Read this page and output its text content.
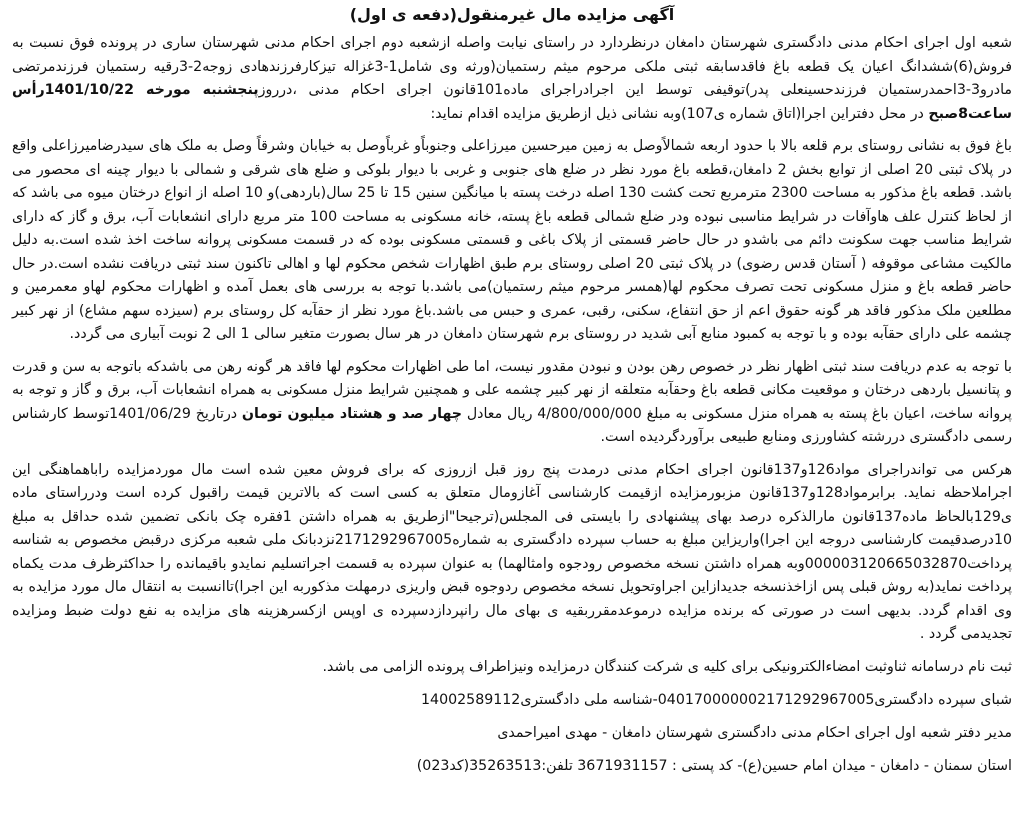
آگهی مزایده مال غیرمنقول(دفعه ی اول)

شعبه اول اجرای احکام مدنی دادگستری شهرستان دامغان درنظردارد در راستای نیابت واصله ازشعبه دوم اجرای احکام مدنی شهرستان ساری در پرونده فوق نسبت به فروش(6)ششدانگ اعیان یک قطعه باغ فاقدسابقه ثبتی ملکی مرحوم میثم رستمیان(ورثه وی شامل1-3غزاله تیزکارفرزندهادی زوجه2-3رقیه رستمیان فرزندمرتضی مادرو3-3احمدرستمیان فرزندحسینعلی پدر)توقیفی توسط این اجرادراجرای ماده101قانون اجرای احکام مدنی ،درروزپنجشنبه مورخه 1401/10/22رأس ساعت8صبح در محل دفتراین اجرا(اتاق شماره ی107)وبه نشانی ذیل ازطریق مزایده اقدام نماید:

باغ فوق به نشانی روستای برم قلعه بالا با حدود اربعه شمالاًوصل به زمین میرحسین میرزاعلی وجنوباًو غرباًوصل به خیابان وشرقاً وصل به ملک های سیدرضامیرزاعلی واقع در پلاک ثبتی 20 اصلی از توابع بخش 2 دامغان،قطعه باغ مورد نظر در ضلع های جنوبی و غربی با دیوار بلوکی و ضلع های شرقی و شمالی با دیوار چینه ای محصور می باشد. قطعه باغ مذکور به مساحت 2300 مترمربع تحت کشت 130 اصله درخت پسته با میانگین سنین 15 تا 25 سال(باردهی)و 10 اصله از انواع درختان میوه می باشد که از لحاظ کنترل علف هاوآفات در شرایط مناسبی نبوده ودر ضلع شمالی قطعه باغ پسته، خانه مسکونی به مساحت 100 متر مربع دارای انشعابات آب، برق و گاز که دارای شرایط مناسب جهت سکونت دائم می باشدو در حال حاضر قسمتی از پلاک باغی و قسمتی مسکونی بوده که در قسمت مسکونی پروانه ساخت اخذ شده است.به دلیل مالکیت مشاعی موقوفه ( آستان قدس رضوی) در پلاک ثبتی 20 اصلی روستای برم طبق اظهارات شخص محکوم لها و اهالی تاکنون سند ثبتی دریافت نشده است.در حال حاضر قطعه باغ و منزل مسکونی تحت تصرف محکوم لها(همسر مرحوم میثم رستمیان)می باشد.با توجه به بررسی های بعمل آمده و اظهارات محکوم لهاو معمرمین و مطلعین ملک مذکور فاقد هر گونه حقوق اعم از حق انتفاع، سکنی، رقبی، عمری و حبس می باشد.باغ مورد نظر از حقآبه کل روستای برم (سیزده سهم مشاع) از نهر کبیر چشمه علی دارای حقآبه بوده و با توجه به کمبود منابع آبی شدید در روستای برم شهرستان دامغان در هر سال بصورت متغیر سالی 1 الی 2 نوبت آبیاری می گردد.

با توجه به عدم دریافت سند ثبتی اظهار نظر در خصوص رهن بودن و نبودن مقدور نیست، اما طی اظهارات محکوم لها فاقد هر گونه رهن می باشدکه باتوجه به سن و قدرت و پتانسیل باردهی درختان و موقعیت مکانی قطعه باغ وحقآبه متعلقه از نهر کبیر چشمه علی و همچنین شرایط منزل مسکونی به همراه انشعابات آب، برق و گاز و توجه به پروانه ساخت، اعیان باغ پسته به همراه منزل مسکونی به مبلغ 4/800/000/000 ریال معادل چهار صد و هشتاد میلیون تومان درتاریخ 1401/06/29توسط کارشناس رسمی دادگستری دررشته کشاورزی ومنابع طبیعی برآوردگردیده است.

هرکس می تواندراجرای مواد126و137قانون اجرای احکام مدنی درمدت پنج روز قبل ازروزی که برای فروش معین شده است مال موردمزایده راباهماهنگی این اجراملاحظه نماید. برابرمواد128و137قانون مزبورمزایده ازقیمت کارشناسی آغازومال متعلق به کسی است که بالاترین قیمت راقبول کرده است ودرراستای ماده ی129بالحاظ ماده137قانون مارالذکره درصد بهای پیشنهادی را بایستی فی المجلس(ترجیحا"ازطریق به همراه داشتن 1فقره چک بانکی تضمین شده حداقل به مبلغ 10درصدقیمت کارشناسی دروجه این اجرا)واریزاین مبلغ به حساب سپرده دادگستری به شماره2171292967005نزدبانک ملی شعبه مرکزی درقبض مخصوص به شناسه پرداخت000003120665032870وبه همراه داشتن نسخه مخصوص رودجوه وامثالهما) به عنوان سپرده به قسمت اجراتسلیم نمایدو باقیمانده را حداکثرظرف مدت یکماه پرداخت نماید(به روش قبلی پس ازاخذنسخه جدیدازاین اجراوتحویل نسخه مخصوص ردوجوه قبض واریزی درمهلت مذکوربه این اجرا)تاانسبت به انتقال مال مورد مزایده به وی اقدام گردد. بدیهی است در صورتی که برنده مزایده درموعدمقرربقیه ی بهای مال رانپردازدسپرده ی اوپس ازکسرهزینه های مزایده به نفع دولت ضبط ومزایده تجدیدمی گردد .

ثبت نام درسامانه ثناوثبت امضاءالکترونیکی برای کلیه ی شرکت کنندگان درمزایده ونیزاطراف پرونده الزامی می باشد.
شبای سپرده دادگستری040170000002171292967005-شناسه ملی دادگستری14002589112
مدیر دفتر شعبه اول اجرای احکام مدنی دادگستری شهرستان دامغان - مهدی امیراحمدی
استان سمنان - دامغان - میدان امام حسین(ع)- کد پستی : 3671931157 تلفن:35263513(کد023)
